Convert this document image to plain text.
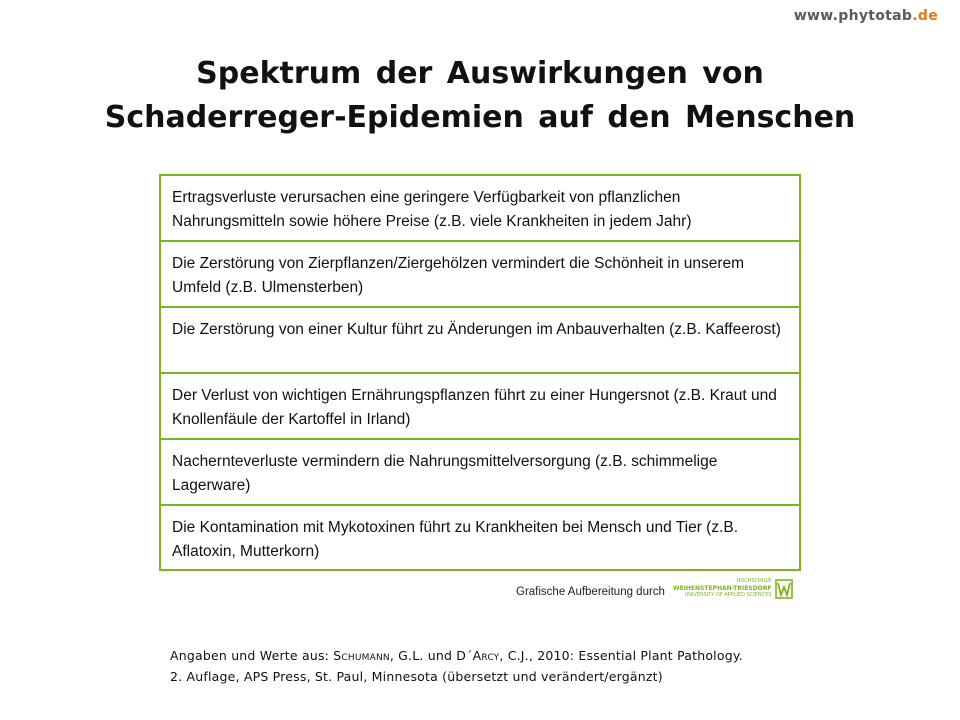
www.phytotab.de
Spektrum der Auswirkungen von
Schaderreger-Epidemien auf den Menschen
Ertragsverluste verursachen eine geringere Verfügbarkeit von pflanzlichen Nahrungsmitteln sowie höhere Preise (z.B. viele Krankheiten in jedem Jahr)
Die Zerstörung von Zierpflanzen/Ziergehölzen vermindert die Schönheit in unserem Umfeld (z.B. Ulmensterben)
Die Zerstörung von einer Kultur führt zu Änderungen im Anbauverhalten (z.B. Kaffeerost)
Der Verlust von wichtigen Ernährungspflanzen führt zu einer Hungersnot (z.B. Kraut und Knollenfäule der Kartoffel in Irland)
Nachernteverluste vermindern die Nahrungsmittelversorgung (z.B. schimmelige Lagerware)
Die Kontamination mit Mykotoxinen führt zu Krankheiten bei Mensch und Tier (z.B. Aflatoxin, Mutterkorn)
Grafische Aufbereitung durch
HOCHSCHULE
WEIHENSTEPHAN-TRIESDORF
UNIVERSITY OF APPLIED SCIENCES
Angaben und Werte aus: Schumann, G.L. und D´Arcy, C.J., 2010: Essential Plant Pathology.
2. Auflage, APS Press, St. Paul, Minnesota (übersetzt und verändert/ergänzt)
